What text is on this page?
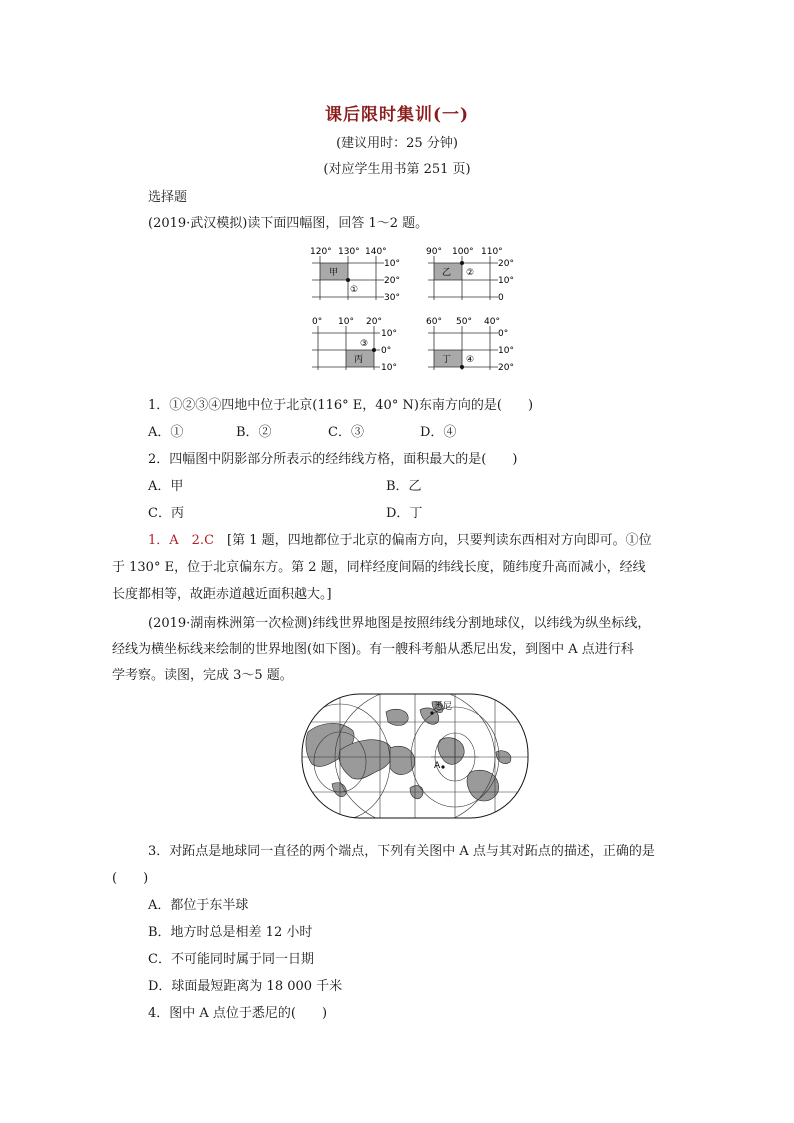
课后限时集训(一)
(建议用时：25 分钟)
(对应学生用书第 251 页)
选择题
(2019·武汉模拟)读下面四幅图，回答 1～2 题。
120° 130° 140°
甲
①
10°
20°
30°
90° 100° 110°
乙 ②
20°
10°
0
0° 10° 20°
丙
③
10°
0°
10°
60° 50° 40°
丁 ④
0°
10°
20°
1．①②③④四地中位于北京(116° E，40° N)东南方向的是(　　)
A．①	B．②	C．③	D．④
2．四幅图中阴影部分所表示的经纬线方格，面积最大的是(　　)
A．甲	B．乙
C．丙	D．丁
1．A　2.C　 [第 1 题，四地都位于北京的偏南方向，只要判读东西相对方向即可。①位
于 130° E，位于北京偏东方。第 2 题，同样经度间隔的纬线长度，随纬度升高而减小，经线
长度都相等，故距赤道越近面积越大。]
(2019·湖南株洲第一次检测)纬线世界地图是按照纬线分割地球仪，以纬线为纵坐标线，
经线为横坐标线来绘制的世界地图(如下图)。有一艘科考船从悉尼出发，到图中 A 点进行科
学考察。读图，完成 3～5 题。
悉尼
A
3．对跖点是地球同一直径的两个端点，下列有关图中 A 点与其对跖点的描述，正确的是
(　　)
A．都位于东半球
B．地方时总是相差 12 小时
C．不可能同时属于同一日期
D．球面最短距离为 18 000 千米
4．图中 A 点位于悉尼的(　　)
